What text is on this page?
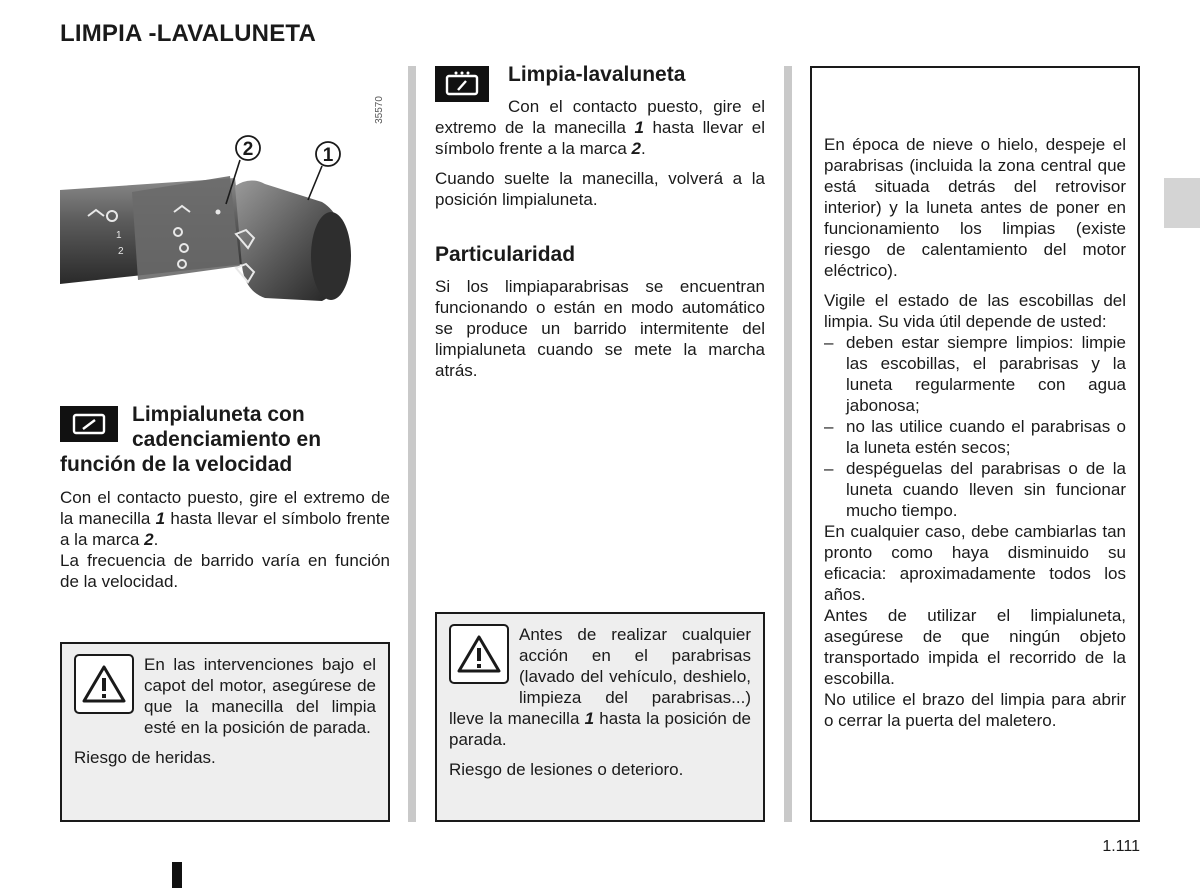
LIMPIA -LAVALUNETA
1
2
2	1
35570
Limpialuneta con
cadenciamiento en
función de la velocidad

Con el contacto puesto, gire el extremo de la manecilla 1 hasta llevar el símbolo frente a la marca 2.

La frecuencia de barrido varía en función de la velocidad.

En las intervenciones bajo el capot del motor, asegúrese de que la manecilla del limpia esté en la posición de parada.

Riesgo de heridas.

Limpia-lavaluneta

Con el contacto puesto, gire el extremo de la manecilla 1 hasta llevar el símbolo frente a la marca 2.

Cuando suelte la manecilla, volverá a la posición limpialuneta.

Particularidad

Si los limpiaparabrisas se encuentran funcionando o están en modo automático se produce un barrido intermitente del limpialuneta cuando se mete la marcha atrás.

Antes de realizar cualquier acción en el parabrisas (lavado del vehículo, deshielo, limpieza del parabrisas...) lleve la manecilla 1 hasta la posición de parada.

Riesgo de lesiones o deterioro.

En época de nieve o hielo, despeje el parabrisas (incluida la zona central que está situada detrás del retrovisor interior) y la luneta antes de poner en funcionamiento los limpias (existe riesgo de calentamiento del motor eléctrico).

Vigile el estado de las escobillas del limpia. Su vida útil depende de usted:

– deben estar siempre limpios: limpie las escobillas, el parabrisas y la luneta regularmente con agua jabonosa;
– no las utilice cuando el parabrisas o la luneta estén secos;
– despéguelas del parabrisas o de la luneta cuando lleven sin funcionar mucho tiempo.

En cualquier caso, debe cambiarlas tan pronto como haya disminuido su eficacia: aproximadamente todos los años.

Antes de utilizar el limpialuneta, asegúrese de que ningún objeto transportado impida el recorrido de la escobilla.

No utilice el brazo del limpia para abrir o cerrar la puerta del maletero.

1.111
